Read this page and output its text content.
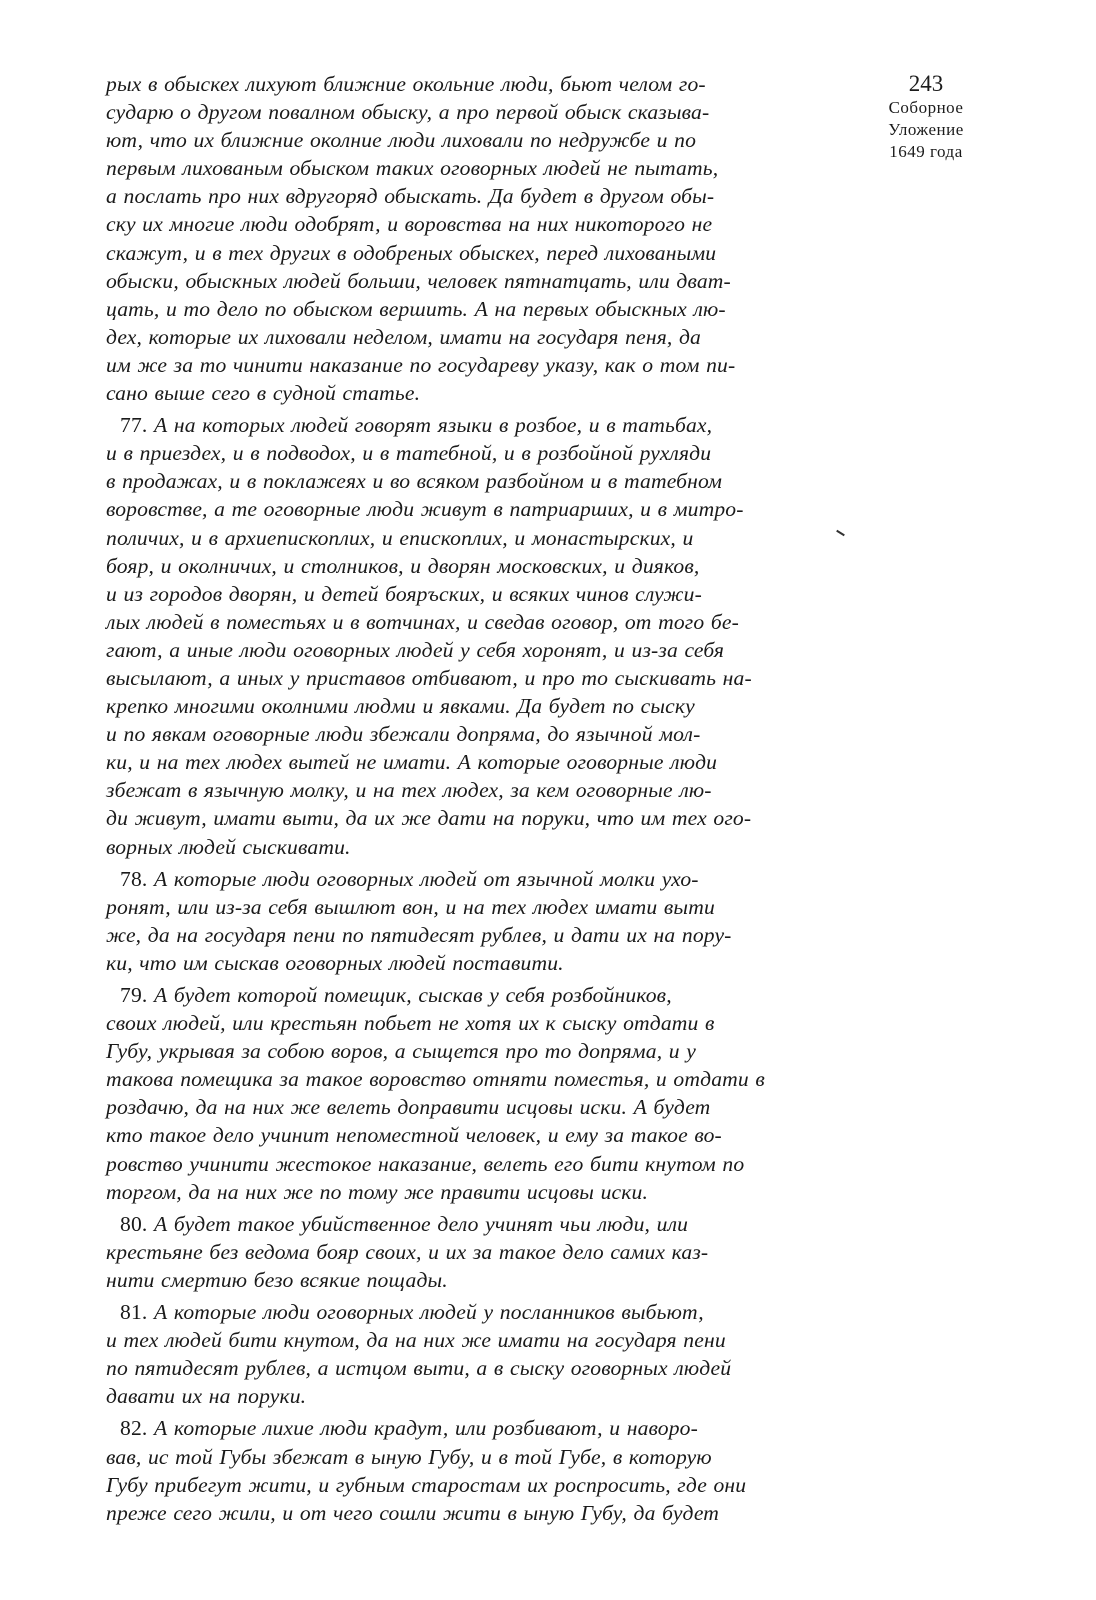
243
Соборное
Уложение
1649 года
рых в обыскех лихуют ближние окольние люди, бьют челом го-
сударю о другом повалном обыску, а про первой обыск сказыва-
ют, что их ближние околние люди лиховали по недружбе и по
первым лихованым обыском таких оговорных людей не пытать,
а послать про них вдругоряд обыскать. Да будет в другом обы-
ску их многие люди одобрят, и воровства на них никоторого не
скажут, и в тех других в одобреных обыскех, перед лиховаными
обыски, обыскных людей больши, человек пятнатцать, или дват-
цать, и то дело по обыском вершить. А на первых обыскных лю-
дех, которые их лиховали неделом, имати на государя пеня, да
им же за то чинити наказание по государеву указу, как о том пи-
сано выше сего в судной статье.
77. А на которых людей говорят языки в розбое, и в татьбах,
и в приездех, и в подводох, и в татебной, и в розбойной рухляди
в продажах, и в поклажеях и во всяком разбойном и в татебном
воровстве, а те оговорные люди живут в патриарших, и в митро-
поличих, и в архиепископлих, и епископлих, и монастырских, и
бояр, и околничих, и столников, и дворян московских, и дияков,
и из городов дворян, и детей бояръских, и всяких чинов служи-
лых людей в поместьях и в вотчинах, и сведав оговор, от того бе-
гают, а иные люди оговорных людей у себя хоронят, и из-за себя
высылают, а иных у приставов отбивают, и про то сыскивать на-
крепко многими околними людми и явками. Да будет по сыску
и по явкам оговорные люди збежали допряма, до язычной мол-
ки, и на тех людех вытей не имати. А которые оговорные люди
збежат в язычную молку, и на тех людех, за кем оговорные лю-
ди живут, имати выти, да их же дати на поруки, что им тех ого-
ворных людей сыскивати.
78. А которые люди оговорных людей от язычной молки ухо-
ронят, или из-за себя вышлют вон, и на тех людех имати выти
же, да на государя пени по пятидесят рублев, и дати их на пору-
ки, что им сыскав оговорных людей поставити.
79. А будет которой помещик, сыскав у себя розбойников,
своих людей, или крестьян побьет не хотя их к сыску отдати в
Губу, укрывая за собою воров, а сыщется про то допряма, и у
такова помещика за такое воровство отняти поместья, и отдати в
роздачю, да на них же велеть доправити исцовы иски. А будет
кто такое дело учинит непоместной человек, и ему за такое во-
ровство учинити жестокое наказание, велеть его бити кнутом по
торгом, да на них же по тому же правити исцовы иски.
80. А будет такое убийственное дело учинят чьи люди, или
крестьяне без ведома бояр своих, и их за такое дело самих каз-
нити смертию безо всякие пощады.
81. А которые люди оговорных людей у посланников выбьют,
и тех людей бити кнутом, да на них же имати на государя пени
по пятидесят рублев, а истцом выти, а в сыску оговорных людей
давати их на поруки.
82. А которые лихие люди крадут, или розбивают, и наворо-
вав, ис той Губы збежат в ыную Губу, и в той Губе, в которую
Губу прибегут жити, и губным старостам их роспросить, где они
преже сего жили, и от чего сошли жити в ыную Губу, да будет
